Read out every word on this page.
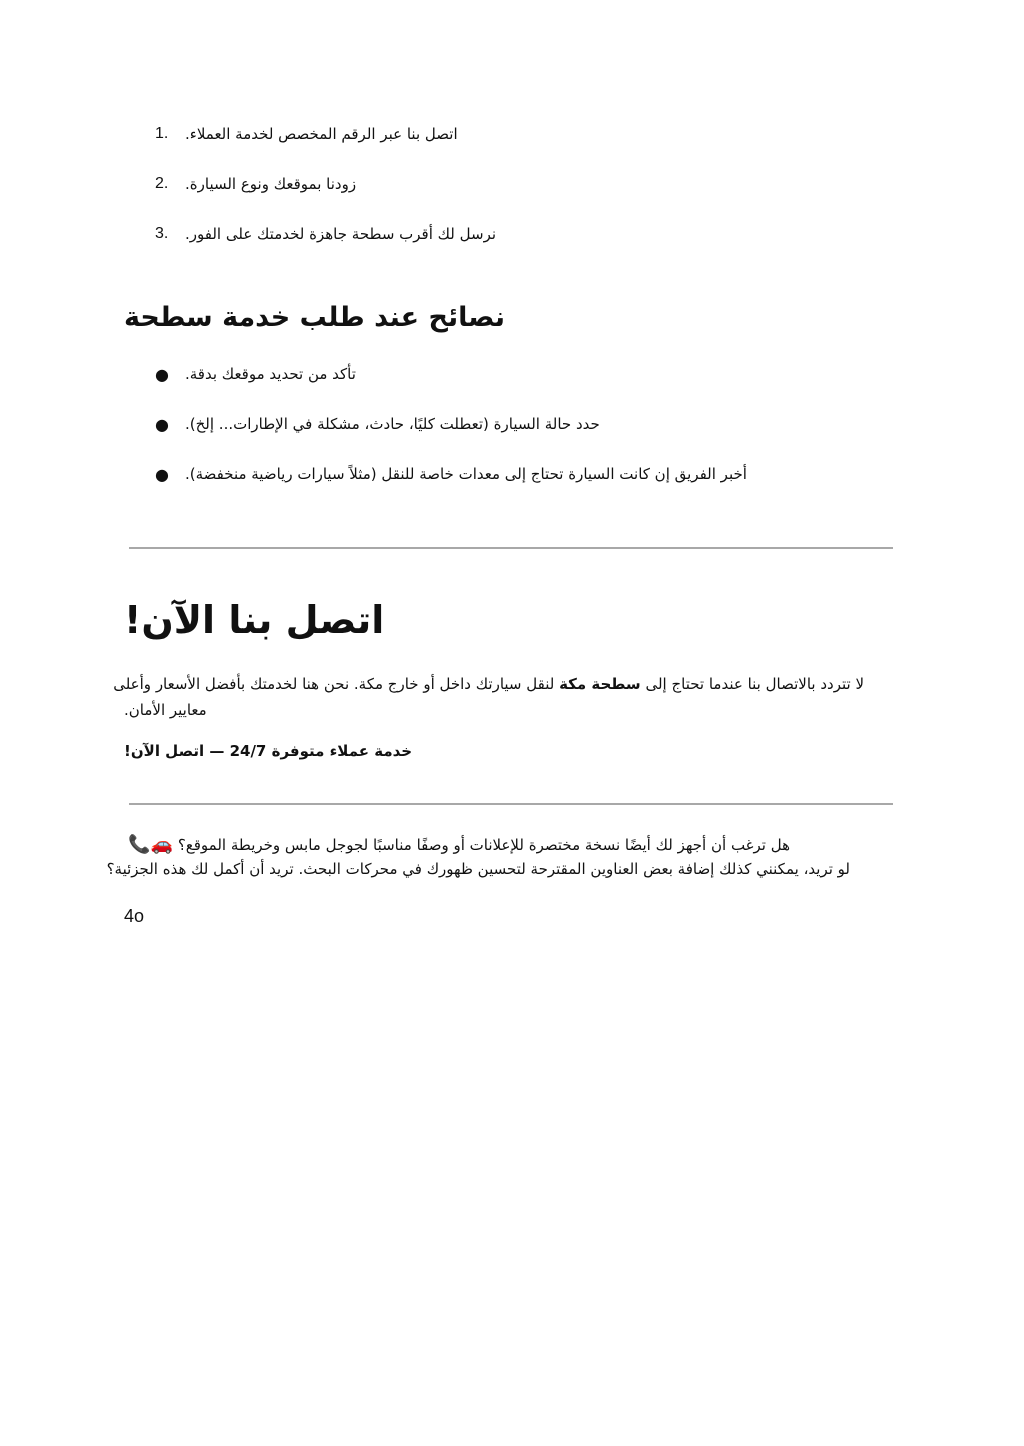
1.	اتصل بنا عبر الرقم المخصص لخدمة العملاء.
2.	زودنا بموقعك ونوع السيارة.
3.	نرسل لك أقرب سطحة جاهزة لخدمتك على الفور.
نصائح عند طلب خدمة سطحة
●	تأكد من تحديد موقعك بدقة.
●	حدد حالة السيارة (تعطلت كليًا، حادث، مشكلة في الإطارات... إلخ).
●	أخبر الفريق إن كانت السيارة تحتاج إلى معدات خاصة للنقل (مثلاً سيارات رياضية منخفضة).
اتصل بنا الآن!
لا تتردد بالاتصال بنا عندما تحتاج إلى سطحة مكة لنقل سيارتك داخل أو خارج مكة. نحن هنا لخدمتك بأفضل الأسعار وأعلى
معايير الأمان.
خدمة عملاء متوفرة 24/7 — اتصل الآن!
هل ترغب أن أجهز لك أيضًا نسخة مختصرة للإعلانات أو وصفًا مناسبًا لجوجل مابس وخريطة الموقع؟ 🚗📞
لو تريد، يمكنني كذلك إضافة بعض العناوين المقترحة لتحسين ظهورك في محركات البحث. تريد أن أكمل لك هذه الجزئية؟
4o
